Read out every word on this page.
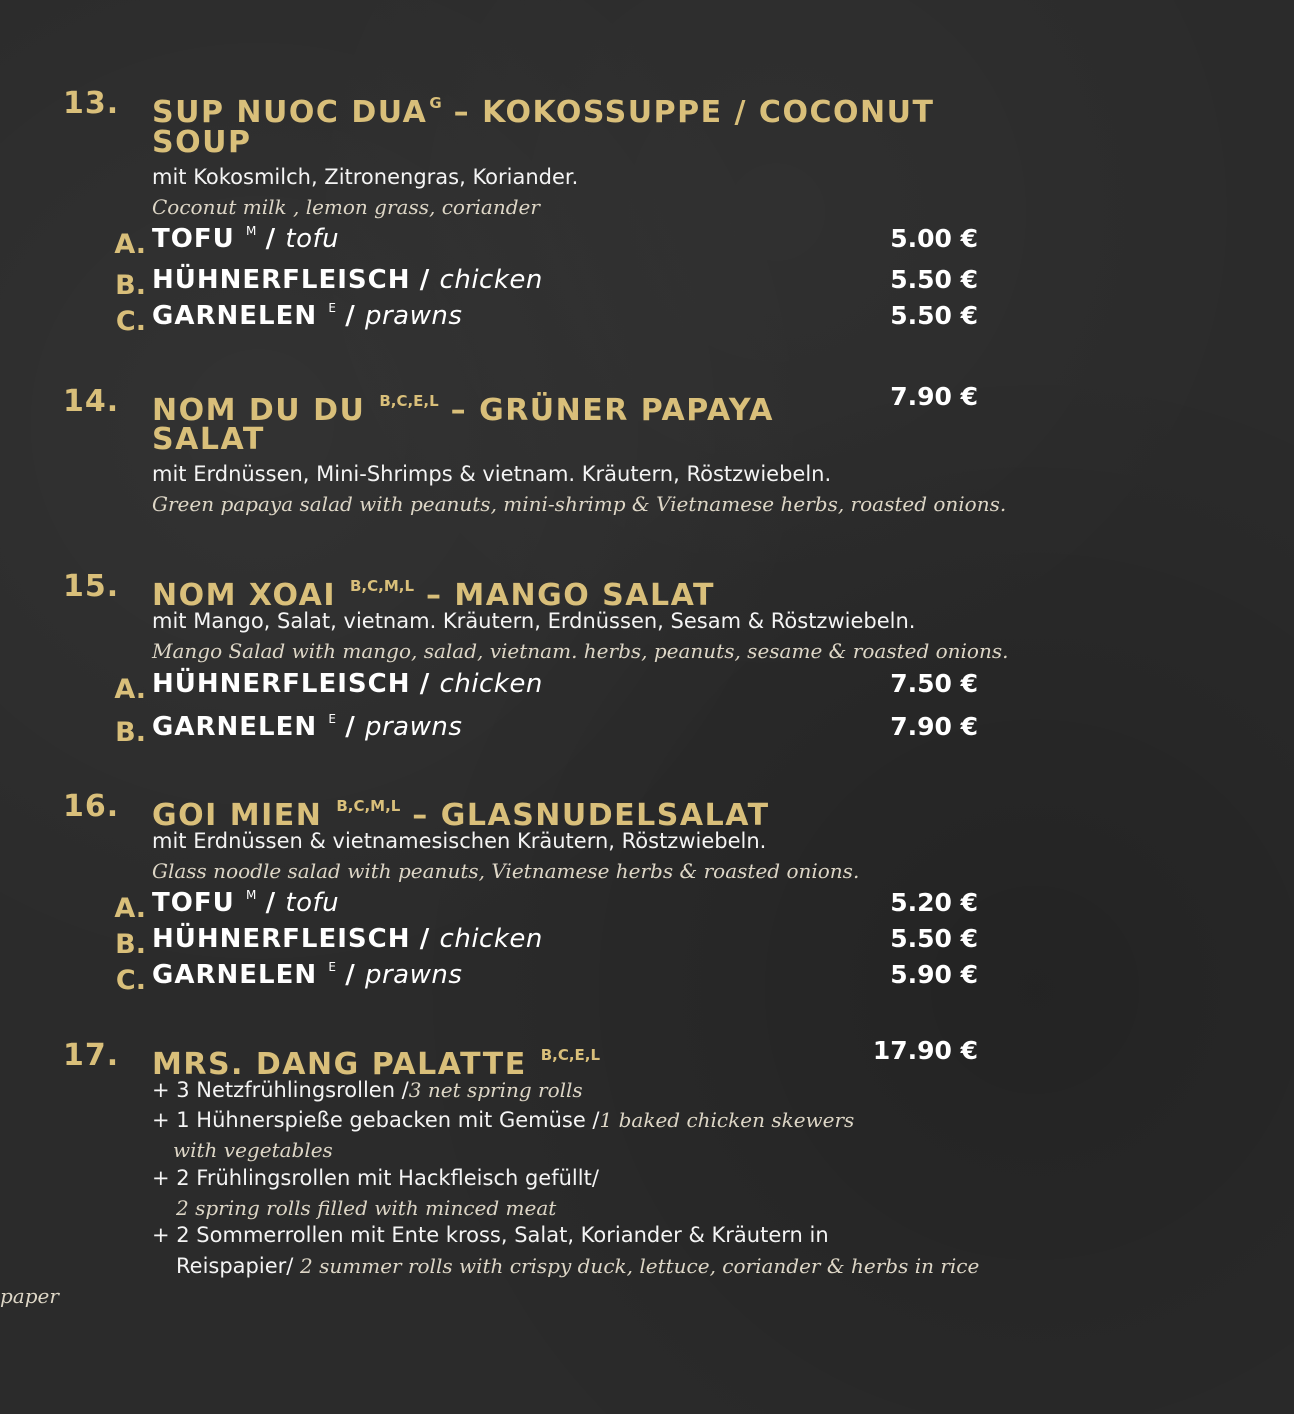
13. SUP NUOC DUA $^G$ – KOKOSSUPPE / COCONUT
SOUP
mit Kokosmilch, Zitronengras, Koriander.
Coconut milk , lemon grass, coriander
A. TOFU $^M$ / tofu	5.00 €
B. HÜHNERFLEISCH / chicken	5.50 €
C. GARNELEN $^E$ / prawns	5.50 €
14. NOM DU DU $^{B,C,E,L}$ – GRÜNER PAPAYA	7.90 €
SALAT
mit Erdnüssen, Mini-Shrimps & vietnam. Kräutern, Röstzwiebeln.
Green papaya salad with peanuts, mini-shrimp & Vietnamese herbs, roasted onions.
15. NOM XOAI $^{B,C,M,L}$ – MANGO SALAT
mit Mango, Salat, vietnam. Kräutern, Erdnüssen, Sesam & Röstzwiebeln.
Mango Salad with mango, salad, vietnam. herbs, peanuts, sesame & roasted onions.
A. HÜHNERFLEISCH / chicken	7.50 €
B. GARNELEN $^E$ / prawns	7.90 €
16. GOI MIEN $^{B,C,M,L}$ – GLASNUDELSALAT
mit Erdnüssen & vietnamesischen Kräutern, Röstzwiebeln.
Glass noodle salad with peanuts, Vietnamese herbs & roasted onions.
A. TOFU $^M$ / tofu	5.20 €
B. HÜHNERFLEISCH / chicken	5.50 €
C. GARNELEN $^E$ / prawns	5.90 €
17. MRS. DANG PALATTE $^{B,C,E,L}$	17.90 €
+ 3 Netzfrühlingsrollen /3 net spring rolls
+ 1 Hühnerspieße gebacken mit Gemüse /1 baked chicken skewers
with vegetables
+ 2 Frühlingsrollen mit Hackfleisch gefüllt/
2 spring rolls filled with minced meat
+ 2 Sommerrollen mit Ente kross, Salat, Koriander & Kräutern in
Reispapier/ 2 summer rolls with crispy duck, lettuce, coriander & herbs in rice
paper
